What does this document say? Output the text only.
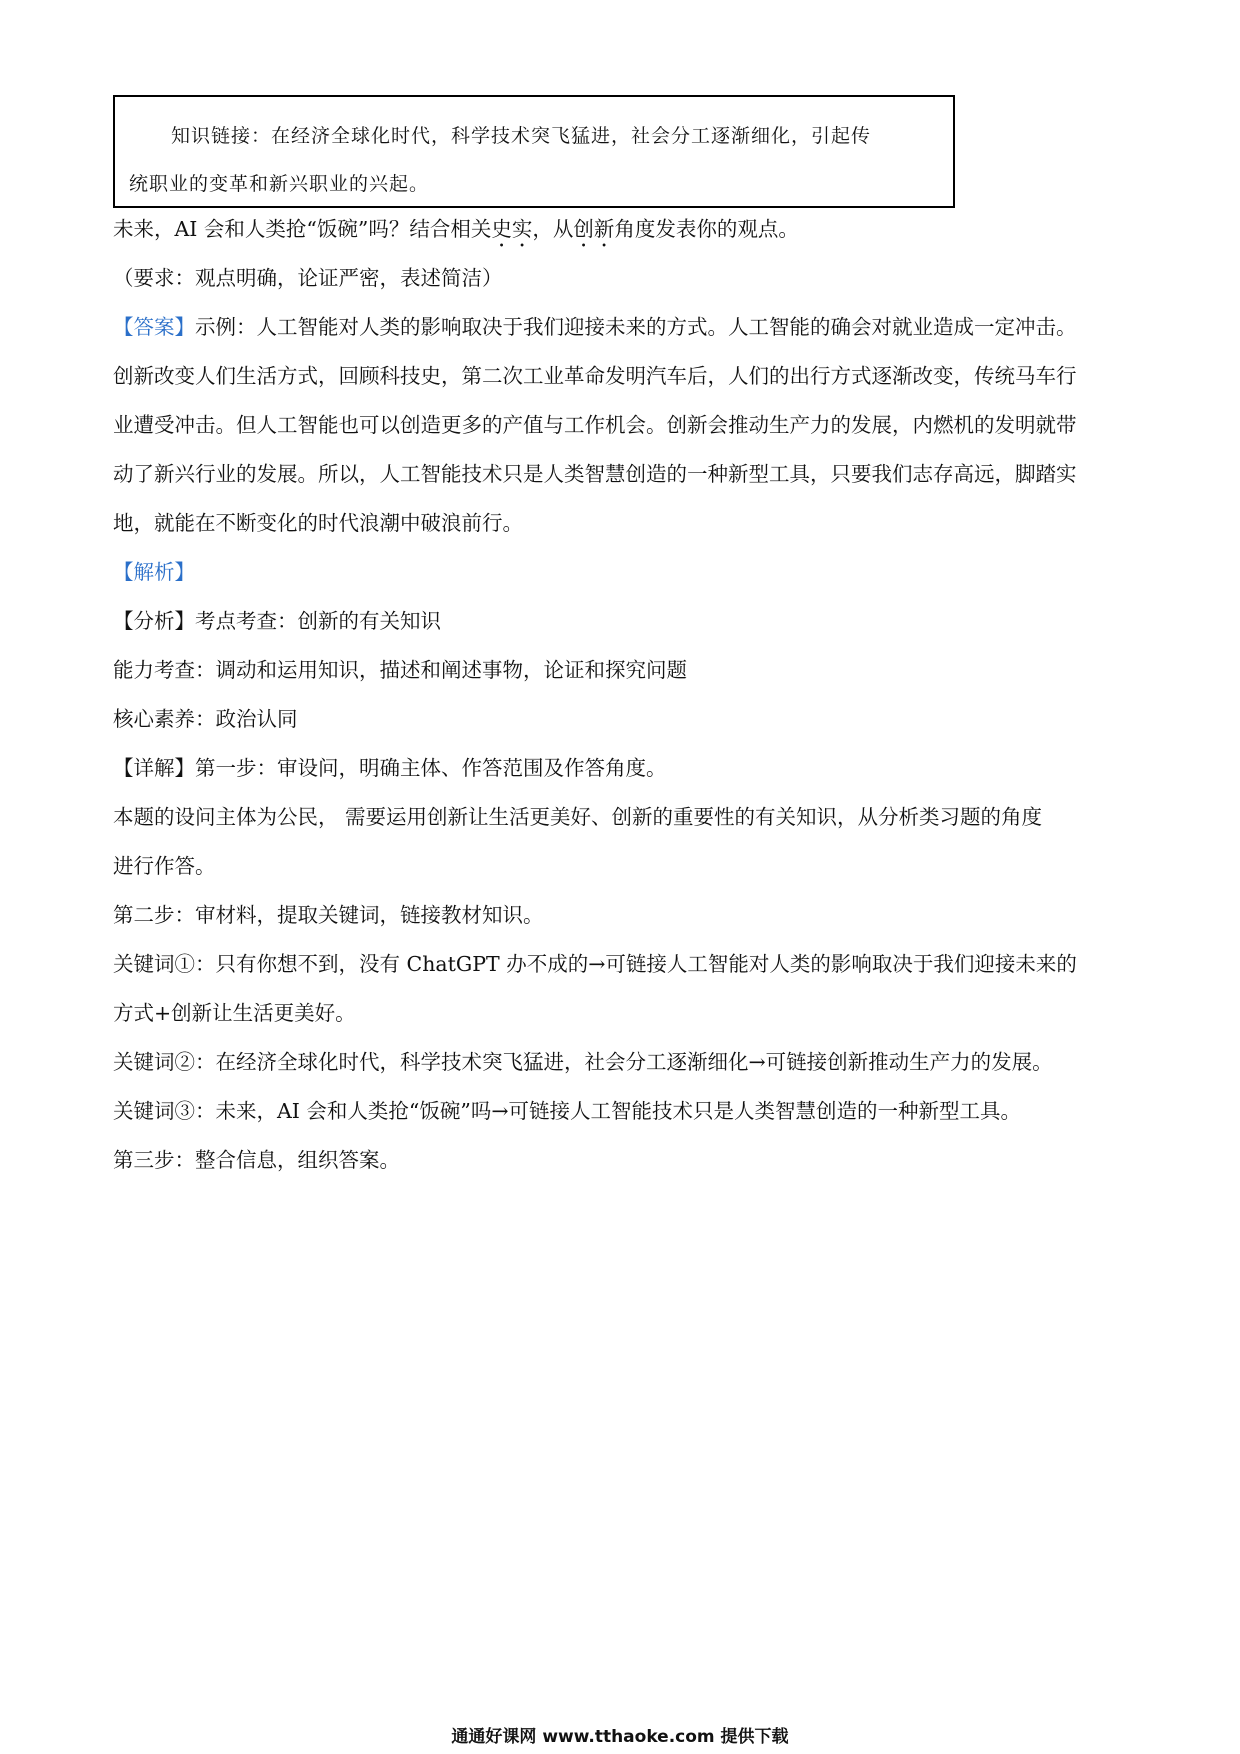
知识链接：在经济全球化时代，科学技术突飞猛进，社会分工逐渐细化，引起传
统职业的变革和新兴职业的兴起。
未来，AI 会和人类抢“饭碗”吗？结合相关史实，从创新角度发表你的观点。
（要求：观点明确，论证严密，表述简洁）
【答案】示例：人工智能对人类的影响取决于我们迎接未来的方式。人工智能的确会对就业造成一定冲击。
创新改变人们生活方式，回顾科技史，第二次工业革命发明汽车后，人们的出行方式逐渐改变，传统马车行
业遭受冲击。但人工智能也可以创造更多的产值与工作机会。创新会推动生产力的发展，内燃机的发明就带
动了新兴行业的发展。所以，人工智能技术只是人类智慧创造的一种新型工具，只要我们志存高远，脚踏实
地，就能在不断变化的时代浪潮中破浪前行。
【解析】
【分析】考点考查：创新的有关知识
能力考查：调动和运用知识，描述和阐述事物，论证和探究问题
核心素养：政治认同
【详解】第一步：审设问，明确主体、作答范围及作答角度。
本题的设问主体为公民， 需要运用创新让生活更美好、创新的重要性的有关知识，从分析类习题的角度
进行作答。
第二步：审材料，提取关键词，链接教材知识。
关键词①：只有你想不到，没有 ChatGPT 办不成的→可链接人工智能对人类的影响取决于我们迎接未来的
方式+创新让生活更美好。
关键词②：在经济全球化时代，科学技术突飞猛进，社会分工逐渐细化→可链接创新推动生产力的发展。
关键词③：未来，AI 会和人类抢“饭碗”吗→可链接人工智能技术只是人类智慧创造的一种新型工具。
第三步：整合信息，组织答案。
通通好课网 www.tthaoke.com 提供下载
